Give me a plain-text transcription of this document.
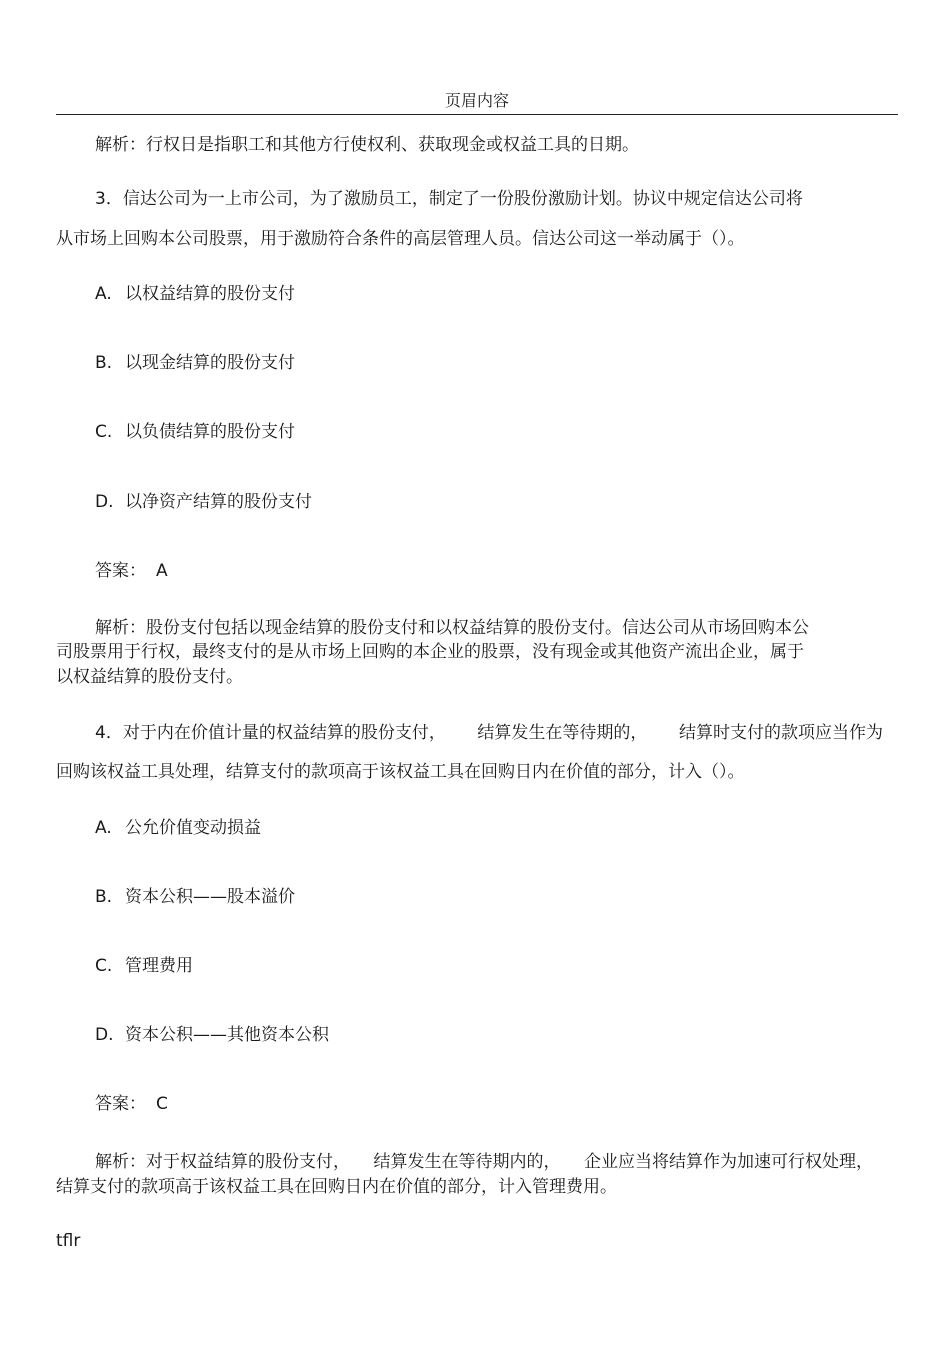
页眉内容
解析：行权日是指职工和其他方行使权利、获取现金或权益工具的日期。
3．信达公司为一上市公司，为了激励员工，制定了一份股份激励计划。协议中规定信达公司将
从市场上回购本公司股票，用于激励符合条件的高层管理人员。信达公司这一举动属于（）。
A. 以权益结算的股份支付
B. 以现金结算的股份支付
C. 以负债结算的股份支付
D. 以净资产结算的股份支付
答案： A
解析：股份支付包括以现金结算的股份支付和以权益结算的股份支付。信达公司从市场回购本公
司股票用于行权，最终支付的是从市场上回购的本企业的股票，没有现金或其他资产流出企业，属于
以权益结算的股份支付。
4．对于内在价值计量的权益结算的股份支付， 结算发生在等待期的， 结算时支付的款项应当作为
回购该权益工具处理，结算支付的款项高于该权益工具在回购日内在价值的部分，计入（）。
A. 公允价值变动损益
B. 资本公积——股本溢价
C. 管理费用
D. 资本公积——其他资本公积
答案： C
解析：对于权益结算的股份支付， 结算发生在等待期内的， 企业应当将结算作为加速可行权处理，
结算支付的款项高于该权益工具在回购日内在价值的部分，计入管理费用。
tflr
